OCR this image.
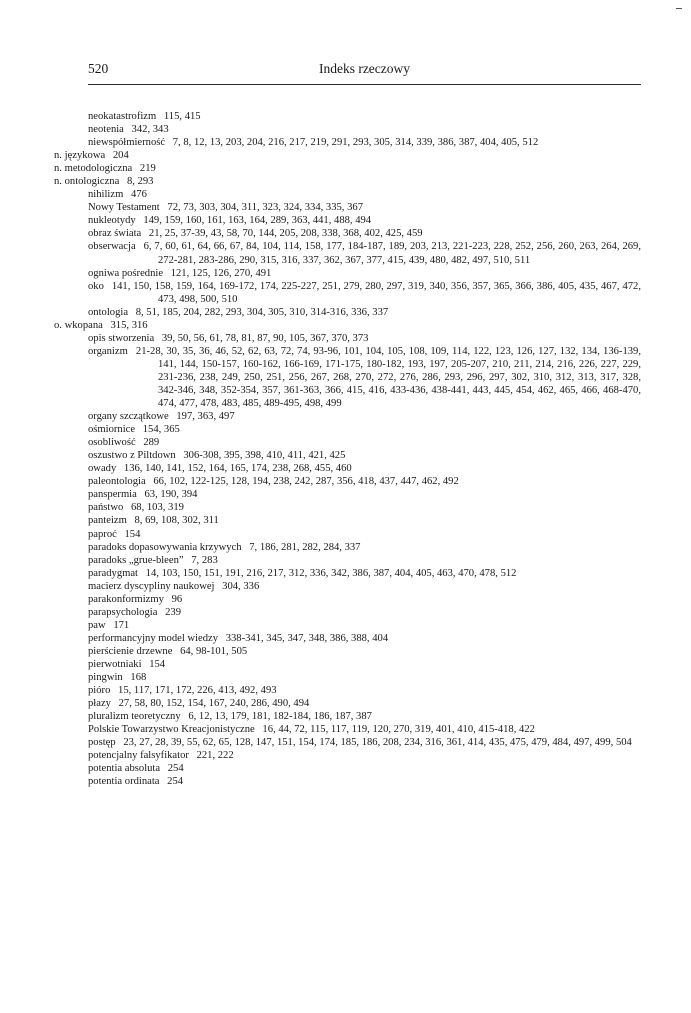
520	Indeks rzeczowy
neokatastrofizm 115, 415
neotenia 342, 343
niewspółmierność 7, 8, 12, 13, 203, 204, 216, 217, 219, 291, 293, 305, 314, 339, 386, 387, 404, 405, 512
n. językowa 204
n. metodologiczna 219
n. ontologiczna 8, 293
nihilizm 476
Nowy Testament 72, 73, 303, 304, 311, 323, 324, 334, 335, 367
nukleotydy 149, 159, 160, 161, 163, 164, 289, 363, 441, 488, 494
obraz świata 21, 25, 37-39, 43, 58, 70, 144, 205, 208, 338, 368, 402, 425, 459
obserwacja 6, 7, 60, 61, 64, 66, 67, 84, 104, 114, 158, 177, 184-187, 189, 203, 213, 221-223, 228, 252, 256, 260, 263, 264, 269, 272-281, 283-286, 290, 315, 316, 337, 362, 367, 377, 415, 439, 480, 482, 497, 510, 511
ogniwa pośrednie 121, 125, 126, 270, 491
oko 141, 150, 158, 159, 164, 169-172, 174, 225-227, 251, 279, 280, 297, 319, 340, 356, 357, 365, 366, 386, 405, 435, 467, 472, 473, 498, 500, 510
ontologia 8, 51, 185, 204, 282, 293, 304, 305, 310, 314-316, 336, 337
o. wkopana 315, 316
opis stworzenia 39, 50, 56, 61, 78, 81, 87, 90, 105, 367, 370, 373
organizm 21-28, 30, 35, 36, 46, 52, 62, 63, 72, 74, 93-96, 101, 104, 105, 108, 109, 114, 122, 123, 126, 127, 132, 134, 136-139, 141, 144, 150-157, 160-162, 166-169, 171-175, 180-182, 193, 197, 205-207, 210, 211, 214, 216, 226, 227, 229, 231-236, 238, 249, 250, 251, 256, 267, 268, 270, 272, 276, 286, 293, 296, 297, 302, 310, 312, 313, 317, 328, 342-346, 348, 352-354, 357, 361-363, 366, 415, 416, 433-436, 438-441, 443, 445, 454, 462, 465, 466, 468-470, 474, 477, 478, 483, 485, 489-495, 498, 499
organy szczątkowe 197, 363, 497
ośmiornice 154, 365
osobliwość 289
oszustwo z Piltdown 306-308, 395, 398, 410, 411, 421, 425
owady 136, 140, 141, 152, 164, 165, 174, 238, 268, 455, 460
paleontologia 66, 102, 122-125, 128, 194, 238, 242, 287, 356, 418, 437, 447, 462, 492
panspermia 63, 190, 394
państwo 68, 103, 319
panteizm 8, 69, 108, 302, 311
paproć 154
paradoks dopasowywania krzywych 7, 186, 281, 282, 284, 337
paradoks „grue-bleen” 7, 283
paradygmat 14, 103, 150, 151, 191, 216, 217, 312, 336, 342, 386, 387, 404, 405, 463, 470, 478, 512
macierz dyscypliny naukowej 304, 336
parakonformizmy 96
parapsychologia 239
paw 171
performancyjny model wiedzy 338-341, 345, 347, 348, 386, 388, 404
pierścienie drzewne 64, 98-101, 505
pierwotniaki 154
pingwin 168
pióro 15, 117, 171, 172, 226, 413, 492, 493
płazy 27, 58, 80, 152, 154, 167, 240, 286, 490, 494
pluralizm teoretyczny 6, 12, 13, 179, 181, 182-184, 186, 187, 387
Polskie Towarzystwo Kreacjonistyczne 16, 44, 72, 115, 117, 119, 120, 270, 319, 401, 410, 415-418, 422
postęp 23, 27, 28, 39, 55, 62, 65, 128, 147, 151, 154, 174, 185, 186, 208, 234, 316, 361, 414, 435, 475, 479, 484, 497, 499, 504
potencjalny falsyfikator 221, 222
potentia absoluta 254
potentia ordinata 254
